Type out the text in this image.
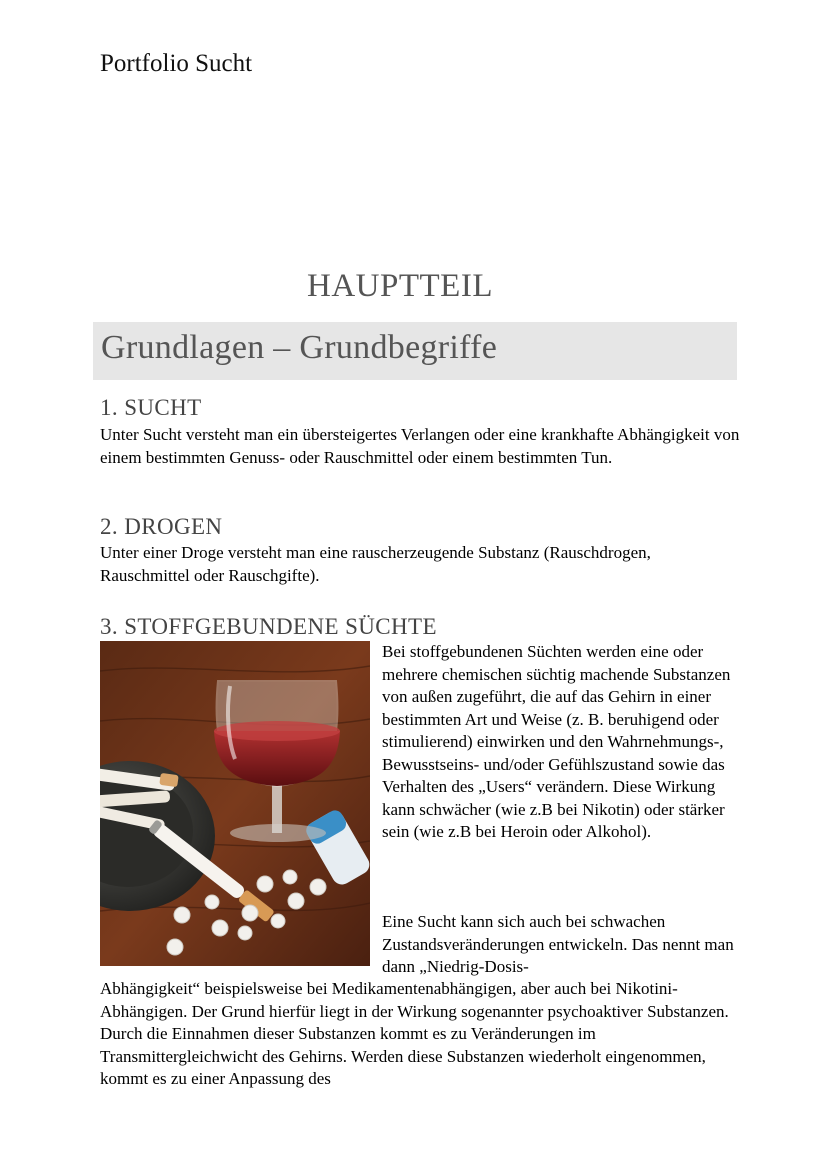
Portfolio Sucht
HAUPTTEIL
Grundlagen – Grundbegriffe
1. SUCHT
Unter Sucht versteht man ein übersteigertes Verlangen oder eine krankhafte Abhängigkeit von einem bestimmten Genuss- oder Rauschmittel oder einem bestimmten Tun.
2. DROGEN
Unter einer Droge versteht man eine rauscherzeugende Substanz (Rauschdrogen, Rauschmittel oder Rauschgifte).
3. STOFFGEBUNDENE SÜCHTE
Bei stoffgebundenen Süchten werden eine oder mehrere chemischen süchtig machende Substanzen von außen zugeführt, die auf das Gehirn in einer bestimmten Art und Weise (z. B. beruhigend oder stimulierend) einwirken und den Wahrnehmungs-, Bewusstseins- und/oder Gefühlszustand sowie das Verhalten des „Users“ verändern. Diese Wirkung kann schwächer (wie z.B bei Nikotin) oder stärker sein (wie z.B bei Heroin oder Alkohol).
Eine Sucht kann sich auch bei schwachen Zustandsveränderungen entwickeln. Das nennt man dann „Niedrig-Dosis-
Abhängigkeit“ beispielsweise bei Medikamentenabhängigen, aber auch bei Nikotini-Abhängigen. Der Grund hierfür liegt in der Wirkung sogenannter psychoaktiver Substanzen. Durch die Einnahmen dieser Substanzen kommt es zu Veränderungen im Transmittergleichwicht des Gehirns. Werden diese Substanzen wiederholt eingenommen, kommt es zu einer Anpassung des
